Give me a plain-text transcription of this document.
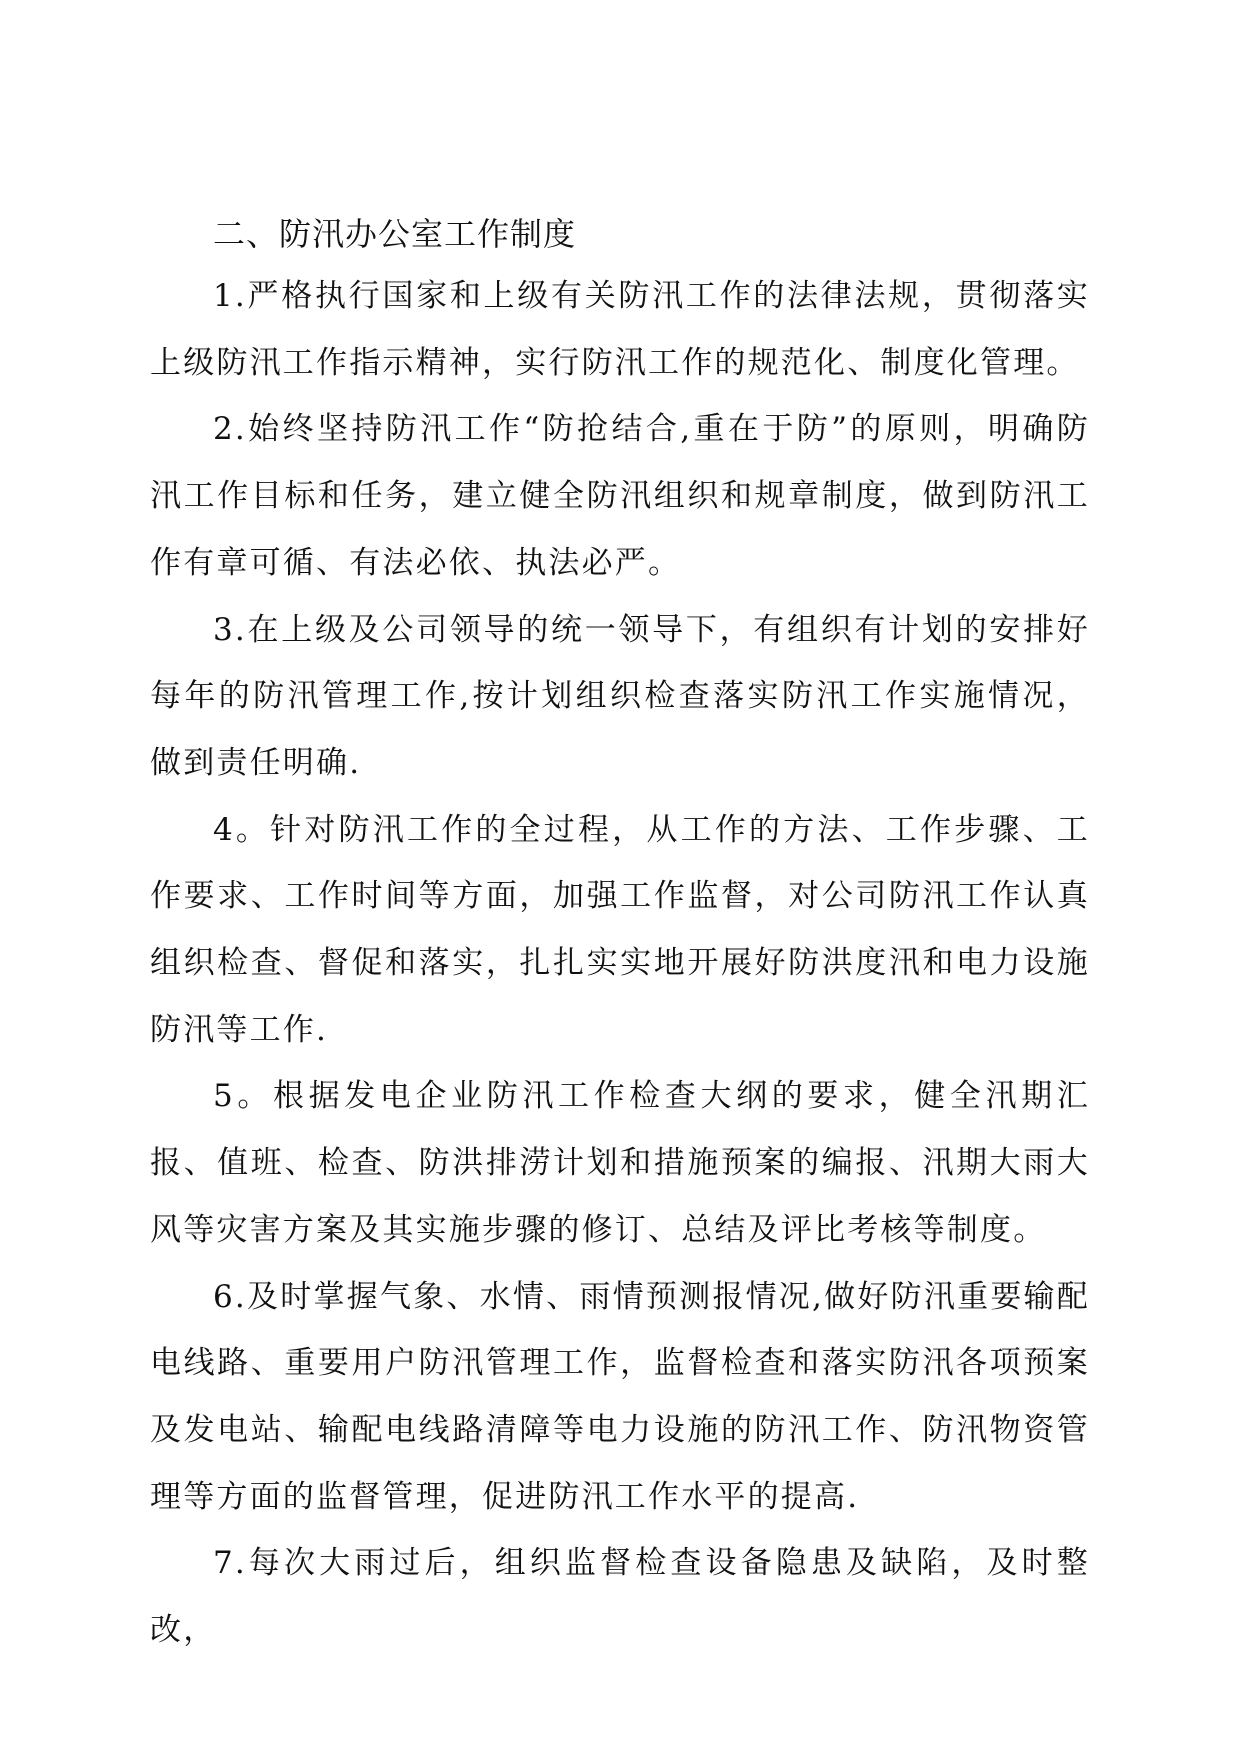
二、防汛办公室工作制度

1.严格执行国家和上级有关防汛工作的法律法规，贯彻落实上级防汛工作指示精神，实行防汛工作的规范化、制度化管理。

2.始终坚持防汛工作“防抢结合,重在于防”的原则，明确防汛工作目标和任务，建立健全防汛组织和规章制度，做到防汛工作有章可循、有法必依、执法必严。

3.在上级及公司领导的统一领导下，有组织有计划的安排好每年的防汛管理工作,按计划组织检查落实防汛工作实施情况，做到责任明确.

4。针对防汛工作的全过程，从工作的方法、工作步骤、工作要求、工作时间等方面，加强工作监督，对公司防汛工作认真组织检查、督促和落实，扎扎实实地开展好防洪度汛和电力设施防汛等工作.

5。根据发电企业防汛工作检查大纲的要求，健全汛期汇报、值班、检查、防洪排涝计划和措施预案的编报、汛期大雨大风等灾害方案及其实施步骤的修订、总结及评比考核等制度。

6.及时掌握气象、水情、雨情预测报情况,做好防汛重要输配电线路、重要用户防汛管理工作，监督检查和落实防汛各项预案及发电站、输配电线路清障等电力设施的防汛工作、防汛物资管理等方面的监督管理，促进防汛工作水平的提高.

7.每次大雨过后，组织监督检查设备隐患及缺陷，及时整改，
